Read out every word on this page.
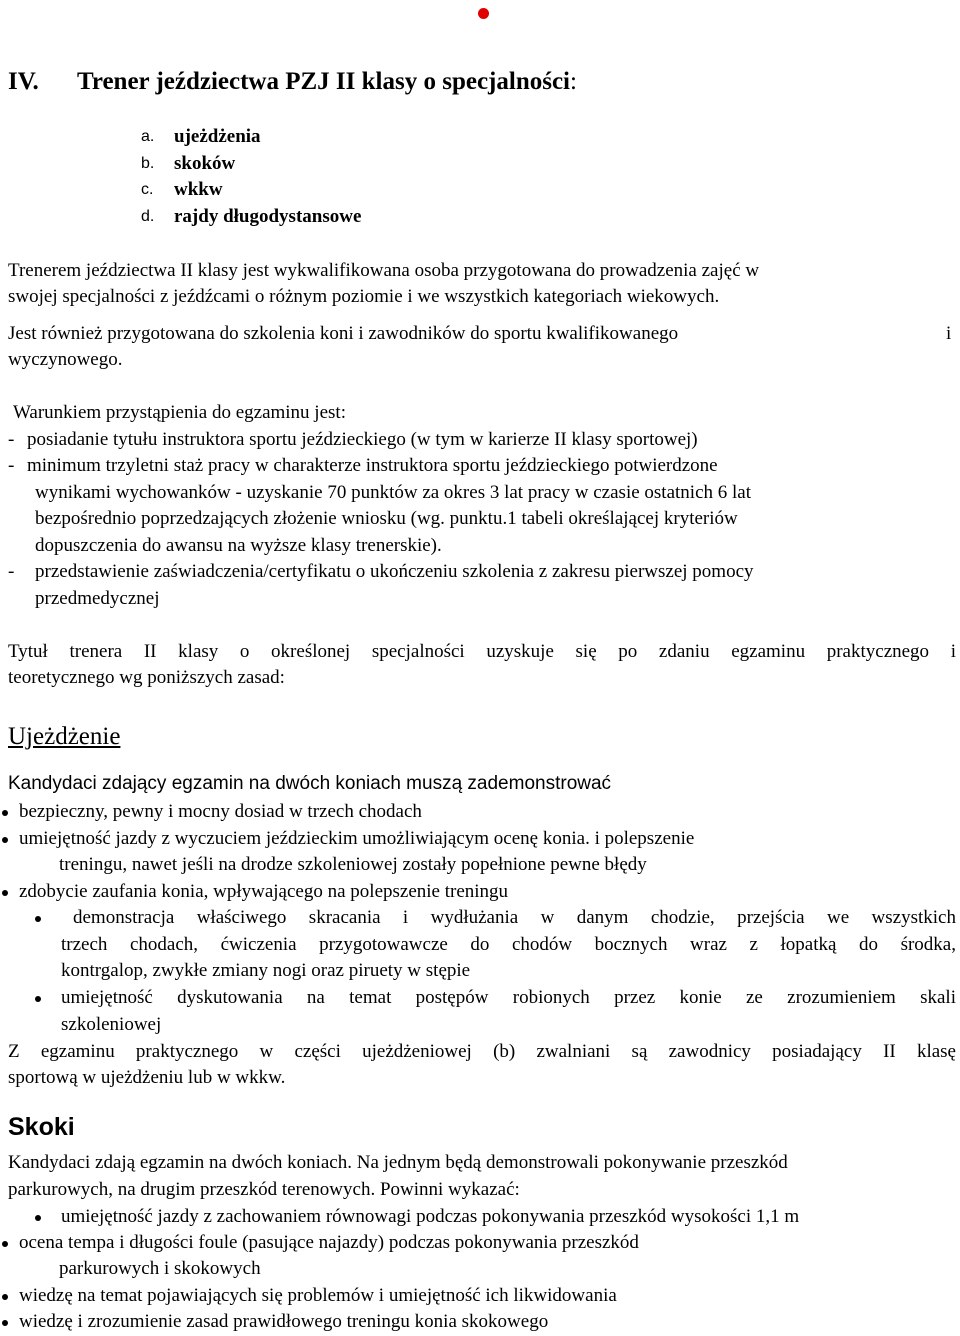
IV. Trener jeździectwa PZJ II klasy o specjalności:
a. ujeżdżenia
b. skoków
c. wkkw
d. rajdy długodystansowe
Trenerem jeździectwa II klasy jest wykwalifikowana osoba przygotowana do prowadzenia zajęć w
swojej specjalności z jeźdźcami o różnym poziomie i we wszystkich kategoriach wiekowych.
Jest również przygotowana do szkolenia koni i zawodników do sportu kwalifikowanego	i
wyczynowego.
Warunkiem przystąpienia do egzaminu jest:
- posiadanie tytułu instruktora sportu jeździeckiego (w tym w karierze II klasy sportowej)
- minimum trzyletni staż pracy w charakterze instruktora sportu jeździeckiego potwierdzone
wynikami wychowanków - uzyskanie 70 punktów za okres 3 lat pracy w czasie ostatnich 6 lat
bezpośrednio poprzedzających złożenie wniosku (wg. punktu.1 tabeli określającej kryteriów
dopuszczenia do awansu na wyższe klasy trenerskie).
- przedstawienie zaświadczenia/certyfikatu o ukończeniu szkolenia z zakresu pierwszej pomocy
przedmedycznej
Tytuł trenera II klasy o określonej specjalności uzyskuje się po zdaniu egzaminu praktycznego i
teoretycznego wg poniższych zasad:
Ujeżdżenie
Kandydaci zdający egzamin na dwóch koniach muszą zademonstrować
bezpieczny, pewny i mocny dosiad w trzech chodach
umiejętność jazdy z wyczuciem jeździeckim umożliwiającym ocenę konia. i polepszenie
treningu, nawet jeśli na drodze szkoleniowej zostały popełnione pewne błędy
zdobycie zaufania konia, wpływającego na polepszenie treningu
demonstracja właściwego skracania i wydłużania w danym chodzie, przejścia we wszystkich
trzech chodach, ćwiczenia przygotowawcze do chodów bocznych wraz z łopatką do środka,
kontrgalop, zwykłe zmiany nogi oraz piruety w stępie
umiejętność dyskutowania na temat postępów robionych przez konie ze zrozumieniem skali
szkoleniowej
Z egzaminu praktycznego w części ujeżdżeniowej (b) zwalniani są zawodnicy posiadający II klasę
sportową w ujeżdżeniu lub w wkkw.
Skoki
Kandydaci zdają egzamin na dwóch koniach. Na jednym będą demonstrowali pokonywanie przeszkód
parkurowych, na drugim przeszkód terenowych. Powinni wykazać:
umiejętność jazdy z zachowaniem równowagi podczas pokonywania przeszkód wysokości 1,1 m
ocena tempa i długości foule (pasujące najazdy) podczas pokonywania przeszkód
parkurowych i skokowych
wiedzę na temat pojawiających się problemów i umiejętność ich likwidowania
wiedzę i zrozumienie zasad prawidłowego treningu konia skokowego
